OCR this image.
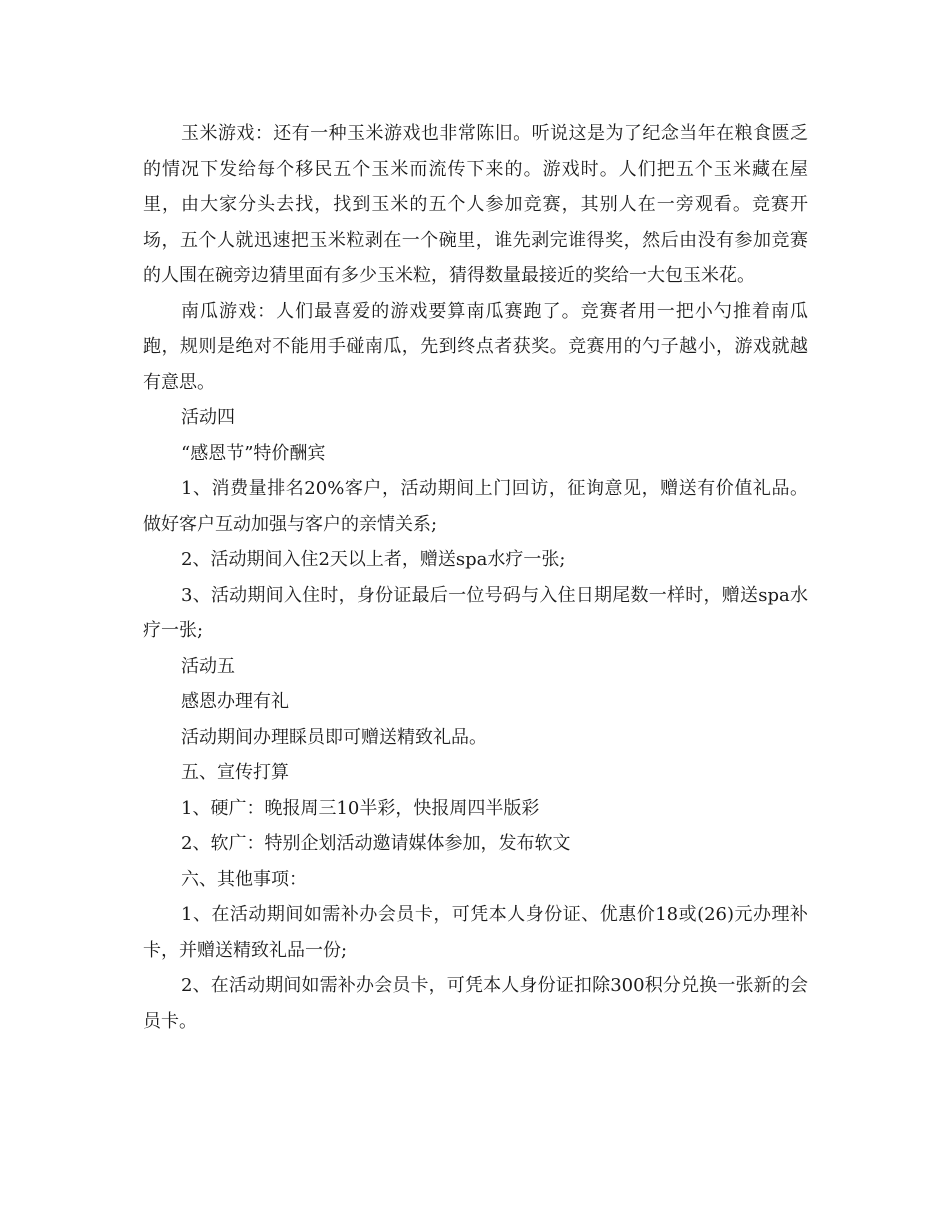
玉米游戏：还有一种玉米游戏也非常陈旧。听说这是为了纪念当年在粮食匮乏的情况下发给每个移民五个玉米而流传下来的。游戏时。人们把五个玉米藏在屋里，由大家分头去找，找到玉米的五个人参加竞赛，其别人在一旁观看。竞赛开场，五个人就迅速把玉米粒剥在一个碗里，谁先剥完谁得奖，然后由没有参加竞赛的人围在碗旁边猜里面有多少玉米粒，猜得数量最接近的奖给一大包玉米花。

南瓜游戏：人们最喜爱的游戏要算南瓜赛跑了。竞赛者用一把小勺推着南瓜跑，规则是绝对不能用手碰南瓜，先到终点者获奖。竞赛用的勺子越小，游戏就越有意思。

活动四

“感恩节”特价酬宾

1、消费量排名20%客户，活动期间上门回访，征询意见，赠送有价值礼品。做好客户互动加强与客户的亲情关系;

2、活动期间入住2天以上者，赠送spa水疗一张;

3、活动期间入住时，身份证最后一位号码与入住日期尾数一样时，赠送spa水疗一张;

活动五

感恩办理有礼

活动期间办理睬员即可赠送精致礼品。

五、宣传打算

1、硬广：晚报周三10半彩，快报周四半版彩

2、软广：特别企划活动邀请媒体参加，发布软文

六、其他事项：

1、在活动期间如需补办会员卡，可凭本人身份证、优惠价18或(26)元办理补卡，并赠送精致礼品一份;

2、在活动期间如需补办会员卡，可凭本人身份证扣除300积分兑换一张新的会员卡。
